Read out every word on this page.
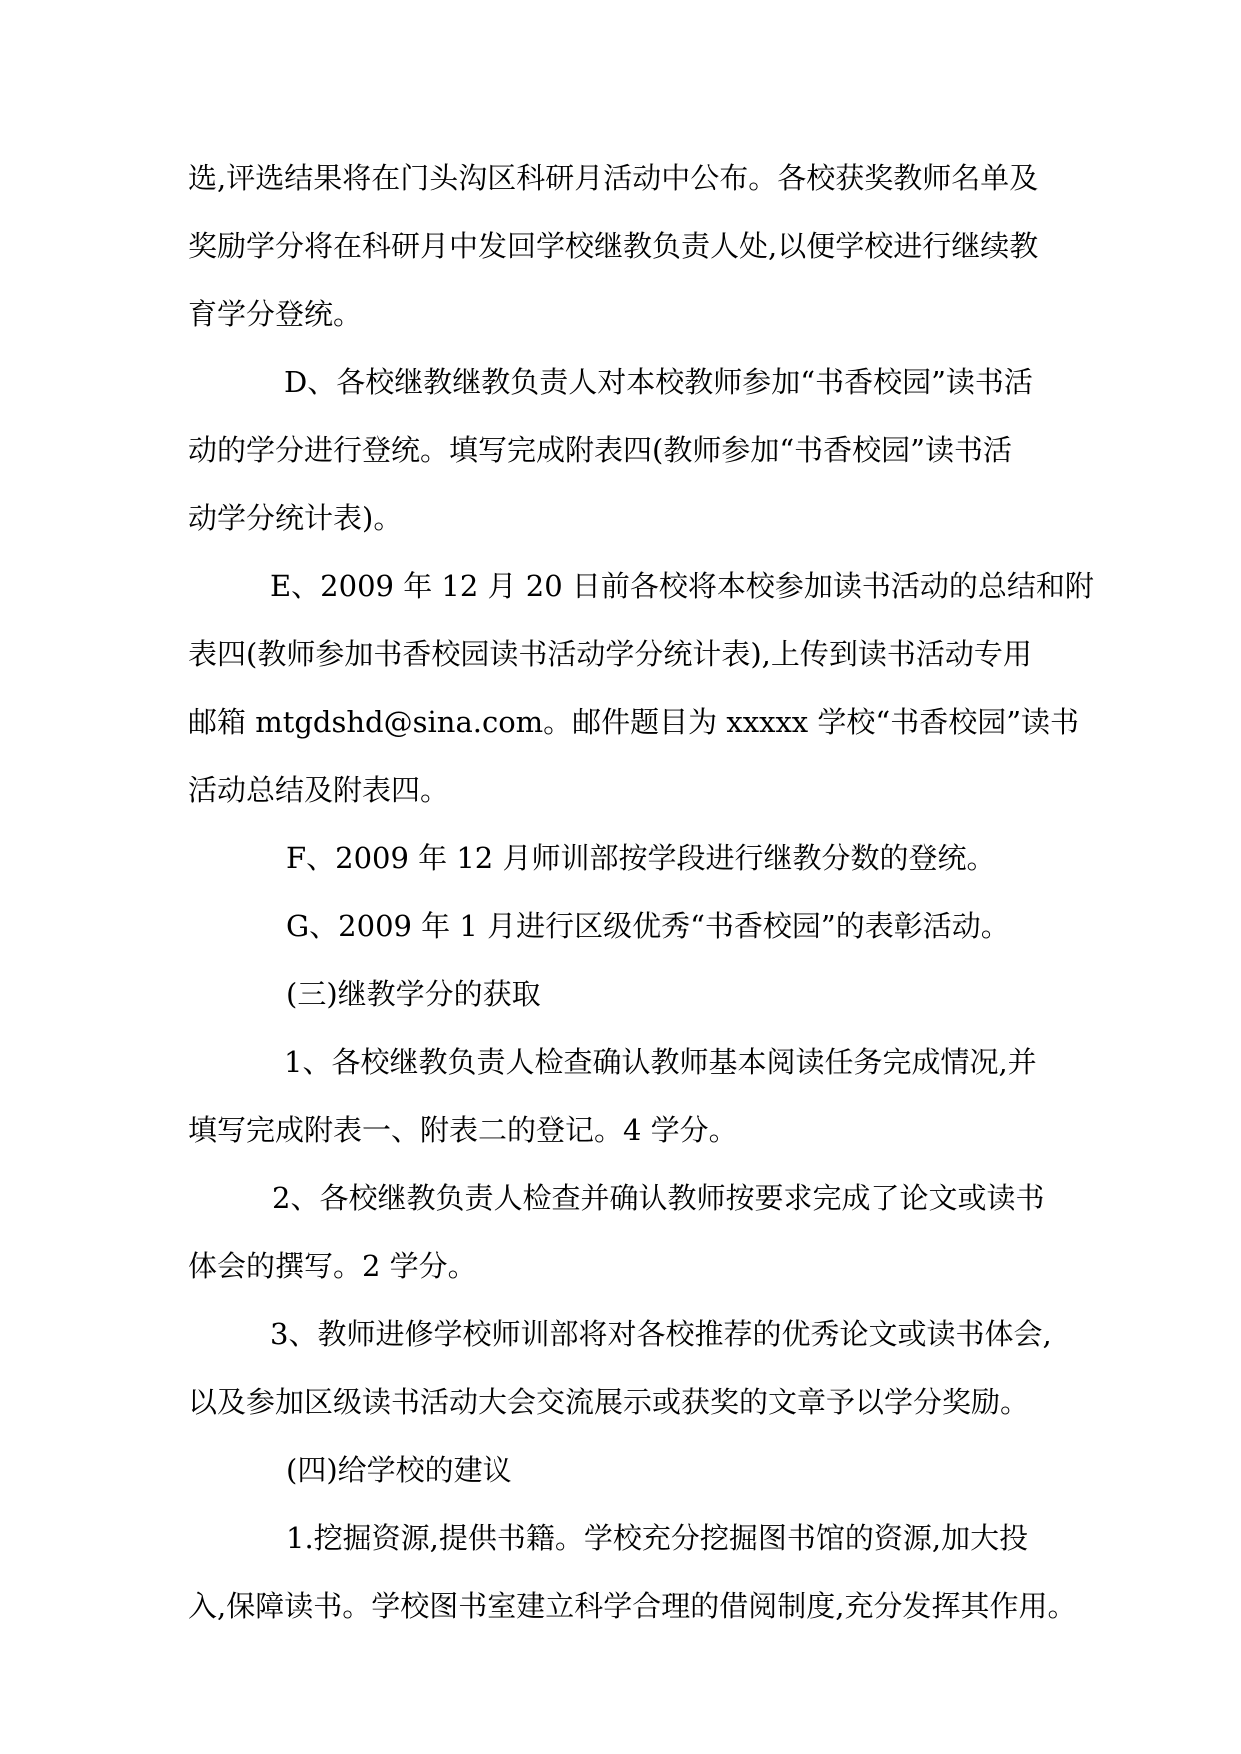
选,评选结果将在门头沟区科研月活动中公布。各校获奖教师名单及
奖励学分将在科研月中发回学校继教负责人处,以便学校进行继续教
育学分登统。
D、各校继教继教负责人对本校教师参加“书香校园”读书活
动的学分进行登统。填写完成附表四(教师参加“书香校园”读书活
动学分统计表)。
E、2009 年 12 月 20 日前各校将本校参加读书活动的总结和附
表四(教师参加书香校园读书活动学分统计表),上传到读书活动专用
邮箱 mtgdshd@sina.com。邮件题目为 xxxxx 学校“书香校园”读书
活动总结及附表四。
F、2009 年 12 月师训部按学段进行继教分数的登统。
G、2009 年 1 月进行区级优秀“书香校园”的表彰活动。
(三)继教学分的获取
1、各校继教负责人检查确认教师基本阅读任务完成情况,并
填写完成附表一、附表二的登记。4 学分。
2、各校继教负责人检查并确认教师按要求完成了论文或读书
体会的撰写。2 学分。
3、教师进修学校师训部将对各校推荐的优秀论文或读书体会,
以及参加区级读书活动大会交流展示或获奖的文章予以学分奖励。
(四)给学校的建议
1.挖掘资源,提供书籍。学校充分挖掘图书馆的资源,加大投
入,保障读书。学校图书室建立科学合理的借阅制度,充分发挥其作用。
